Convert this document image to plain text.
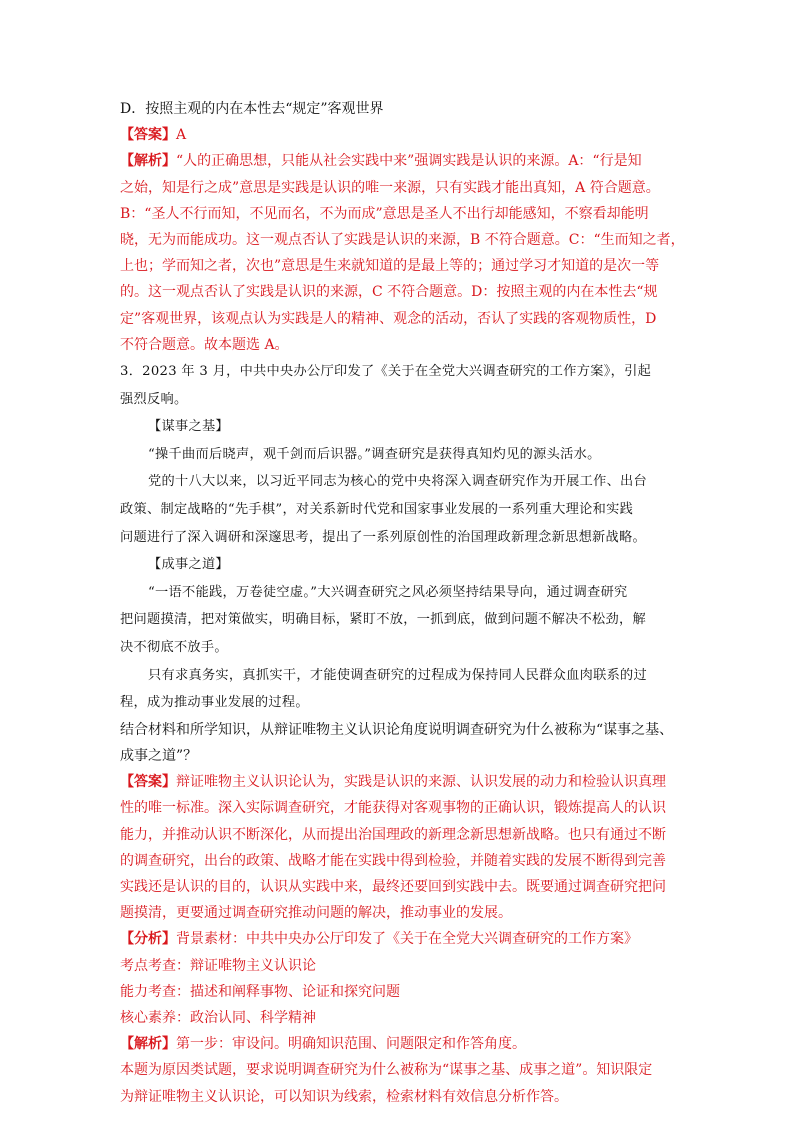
D．按照主观的内在本性去“规定”客观世界

【答案】A

【解析】“人的正确思想，只能从社会实践中来”强调实践是认识的来源。A：“行是知

之始，知是行之成”意思是实践是认识的唯一来源，只有实践才能出真知，A 符合题意。

B：“圣人不行而知，不见而名，不为而成”意思是圣人不出行却能感知，不察看却能明

晓，无为而能成功。这一观点否认了实践是认识的来源，B 不符合题意。C：“生而知之者，

上也；学而知之者，次也”意思是生来就知道的是最上等的；通过学习才知道的是次一等

的。这一观点否认了实践是认识的来源，C 不符合题意。D：按照主观的内在本性去“规

定”客观世界，该观点认为实践是人的精神、观念的活动，否认了实践的客观物质性，D

不符合题意。故本题选 A。

3．2023 年 3 月，中共中央办公厅印发了《关于在全党大兴调查研究的工作方案》，引起

强烈反响。

【谋事之基】

“操千曲而后晓声，观千剑而后识器。”调查研究是获得真知灼见的源头活水。

党的十八大以来，以习近平同志为核心的党中央将深入调查研究作为开展工作、出台

政策、制定战略的“先手棋”，对关系新时代党和国家事业发展的一系列重大理论和实践

问题进行了深入调研和深邃思考，提出了一系列原创性的治国理政新理念新思想新战略。

【成事之道】

“一语不能践，万卷徒空虚。”大兴调查研究之风必须坚持结果导向，通过调查研究

把问题摸清，把对策做实，明确目标，紧盯不放，一抓到底，做到问题不解决不松劲，解

决不彻底不放手。

只有求真务实，真抓实干，才能使调查研究的过程成为保持同人民群众血肉联系的过

程，成为推动事业发展的过程。

结合材料和所学知识，从辩证唯物主义认识论角度说明调查研究为什么被称为“谋事之基、

成事之道”？

【答案】辩证唯物主义认识论认为，实践是认识的来源、认识发展的动力和检验认识真理

性的唯一标准。深入实际调查研究，才能获得对客观事物的正确认识，锻炼提高人的认识

能力，并推动认识不断深化，从而提出治国理政的新理念新思想新战略。也只有通过不断

的调查研究，出台的政策、战略才能在实践中得到检验，并随着实践的发展不断得到完善

实践还是认识的目的，认识从实践中来，最终还要回到实践中去。既要通过调查研究把问

题摸清，更要通过调查研究推动问题的解决，推动事业的发展。

【分析】背景素材：中共中央办公厅印发了《关于在全党大兴调查研究的工作方案》

考点考查：辩证唯物主义认识论

能力考查：描述和阐释事物、论证和探究问题

核心素养：政治认同、科学精神

【解析】第一步：审设问。明确知识范围、问题限定和作答角度。

本题为原因类试题，要求说明调查研究为什么被称为“谋事之基、成事之道”。知识限定

为辩证唯物主义认识论，可以知识为线索，检索材料有效信息分析作答。
